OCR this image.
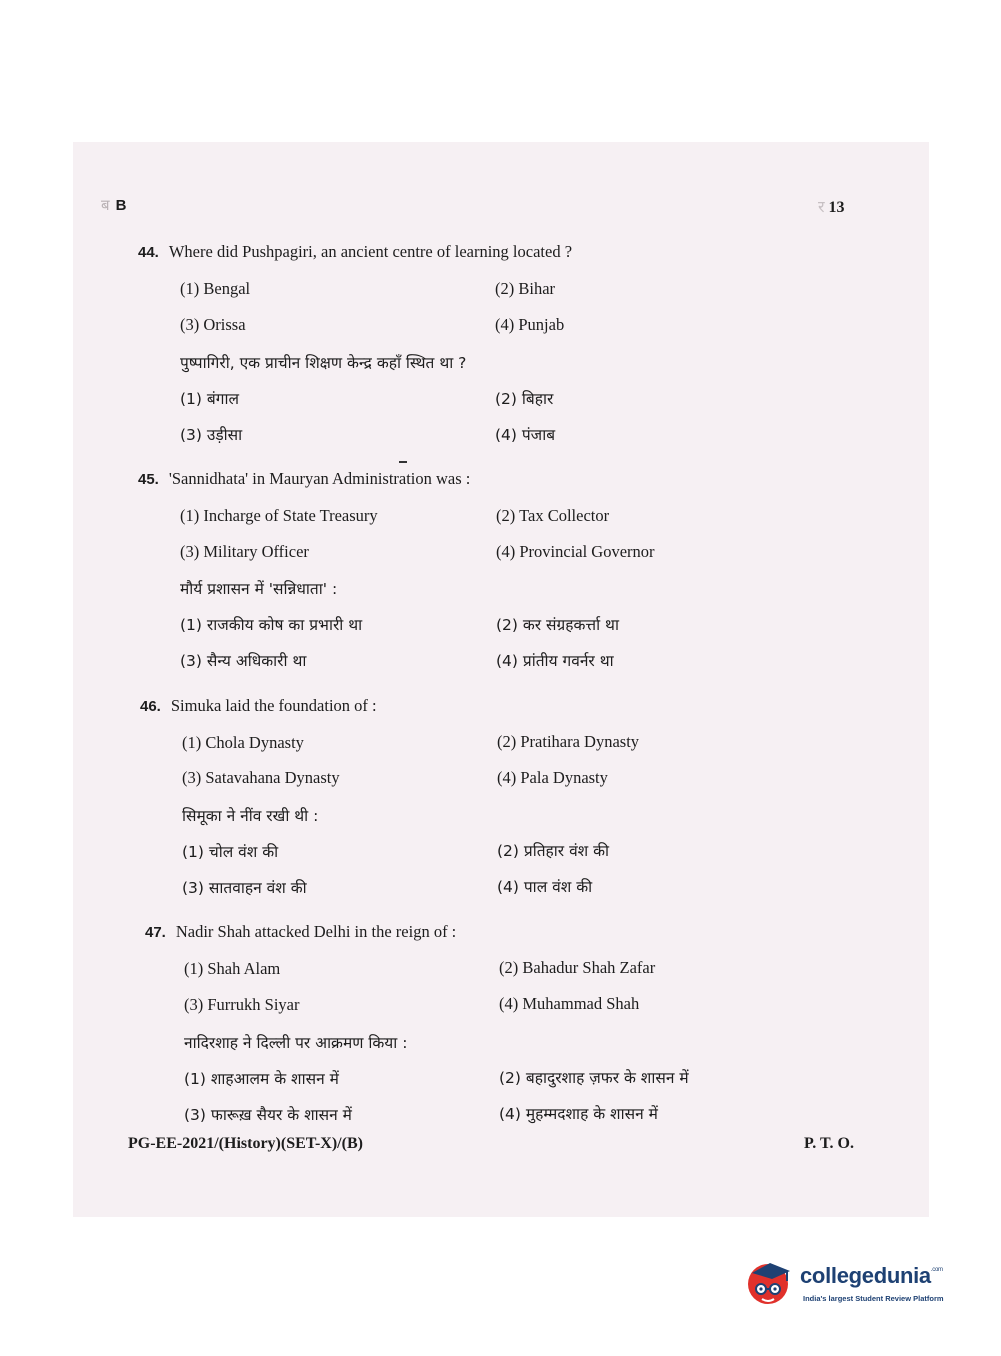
ब B	र 13
44. Where did Pushpagiri, an ancient centre of learning located ?
(1) Bengal	(2) Bihar
(3) Orissa	(4) Punjab
पुष्पागिरी, एक प्राचीन शिक्षण केन्द्र कहाँ स्थित था ?
(1) बंगाल	(2) बिहार
(3) उड़ीसा	(4) पंजाब
45. 'Sannidhata' in Mauryan Administration was :
(1) Incharge of State Treasury	(2) Tax Collector
(3) Military Officer	(4) Provincial Governor
मौर्य प्रशासन में 'सन्निधाता' :
(1) राजकीय कोष का प्रभारी था	(2) कर संग्रहकर्त्ता था
(3) सैन्य अधिकारी था	(4) प्रांतीय गवर्नर था
46. Simuka laid the foundation of :
(1) Chola Dynasty	(2) Pratihara Dynasty
(3) Satavahana Dynasty	(4) Pala Dynasty
सिमूका ने नींव रखी थी :
(1) चोल वंश की	(2) प्रतिहार वंश की
(3) सातवाहन वंश की	(4) पाल वंश की
47. Nadir Shah attacked Delhi in the reign of :
(1) Shah Alam	(2) Bahadur Shah Zafar
(3) Furrukh Siyar	(4) Muhammad Shah
नादिरशाह ने दिल्ली पर आक्रमण किया :
(1) शाहआलम के शासन में	(2) बहादुरशाह ज़फर के शासन में
(3) फारूख़ सैयर के शासन में	(4) मुहम्मदशाह के शासन में
PG-EE-2021/(History)(SET-X)/(B)	P. T. O.
collegedunia$^{.com}$
India's largest Student Review Platform
